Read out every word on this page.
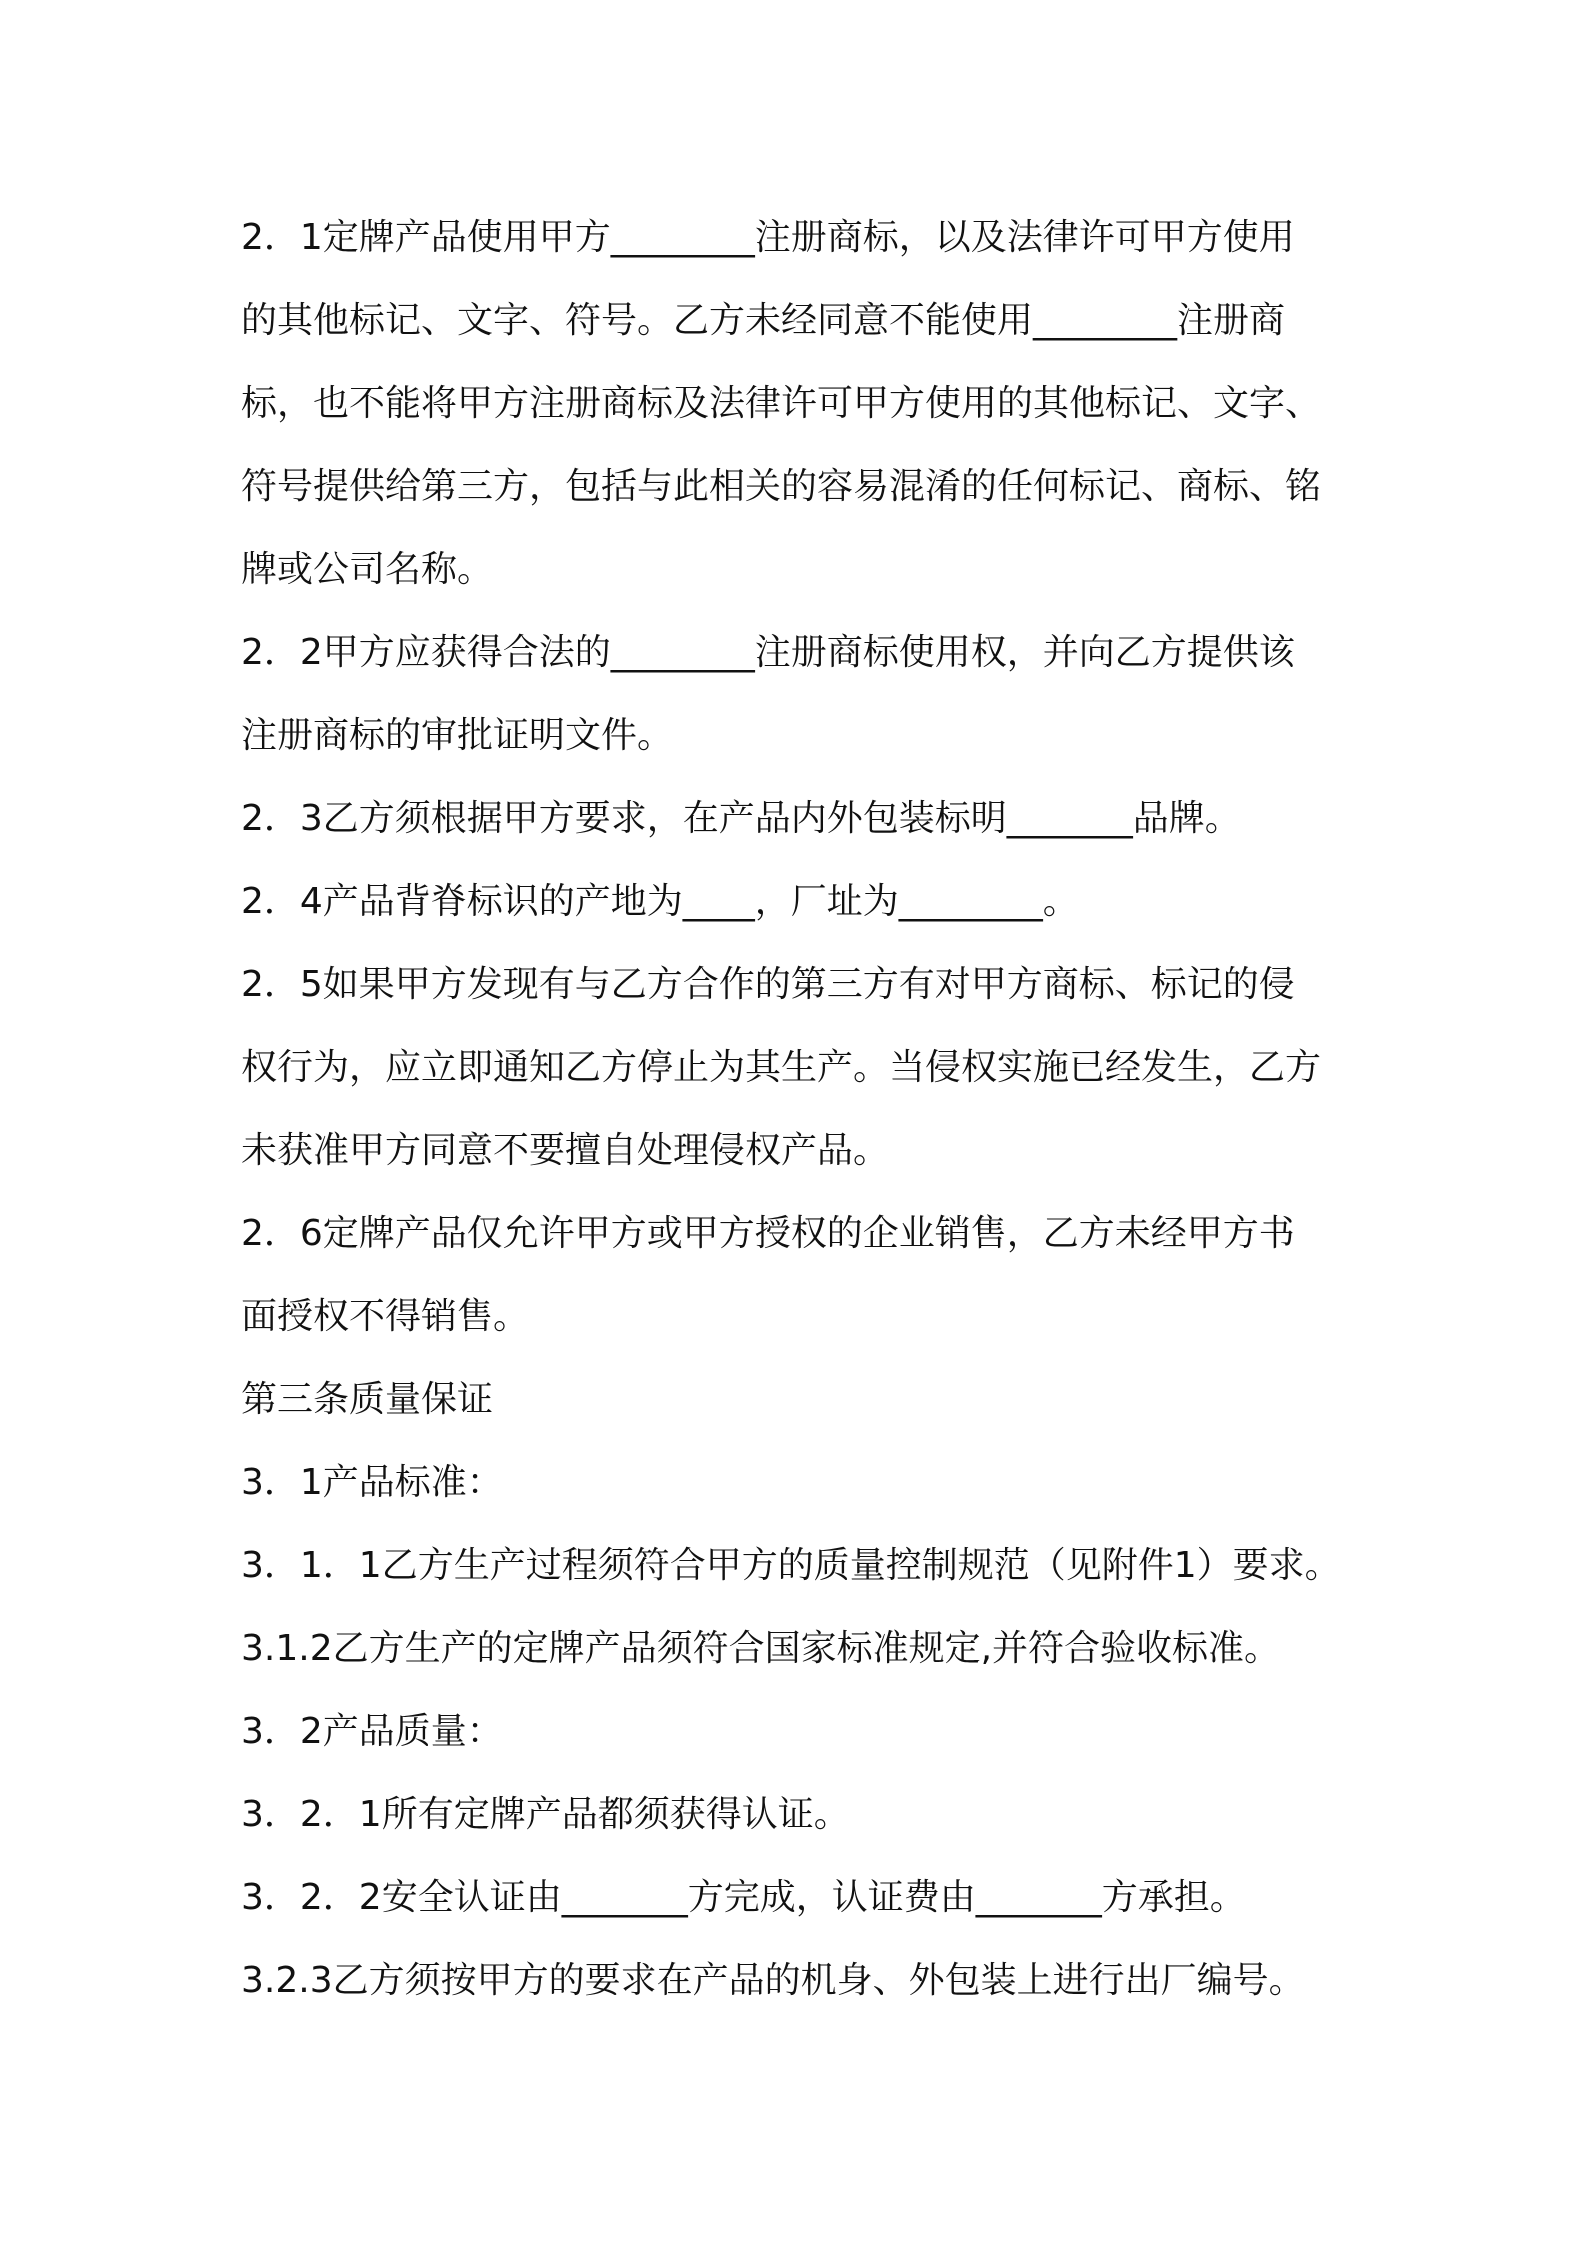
2．1定牌产品使用甲方________注册商标，以及法律许可甲方使用
的其他标记、文字、符号。乙方未经同意不能使用________注册商
标，也不能将甲方注册商标及法律许可甲方使用的其他标记、文字、
符号提供给第三方，包括与此相关的容易混淆的任何标记、商标、铭
牌或公司名称。
2．2甲方应获得合法的________注册商标使用权，并向乙方提供该
注册商标的审批证明文件。
2．3乙方须根据甲方要求，在产品内外包装标明_______品牌。
2．4产品背脊标识的产地为____，厂址为________。
2．5如果甲方发现有与乙方合作的第三方有对甲方商标、标记的侵
权行为，应立即通知乙方停止为其生产。当侵权实施已经发生，乙方
未获准甲方同意不要擅自处理侵权产品。
2．6定牌产品仅允许甲方或甲方授权的企业销售，乙方未经甲方书
面授权不得销售。
第三条质量保证
3．1产品标准：
3．1．1乙方生产过程须符合甲方的质量控制规范（见附件1）要求。
3.1.2乙方生产的定牌产品须符合国家标准规定,并符合验收标准。
3．2产品质量：
3．2．1所有定牌产品都须获得认证。
3．2．2安全认证由_______方完成，认证费由_______方承担。
3.2.3乙方须按甲方的要求在产品的机身、外包装上进行出厂编号。
